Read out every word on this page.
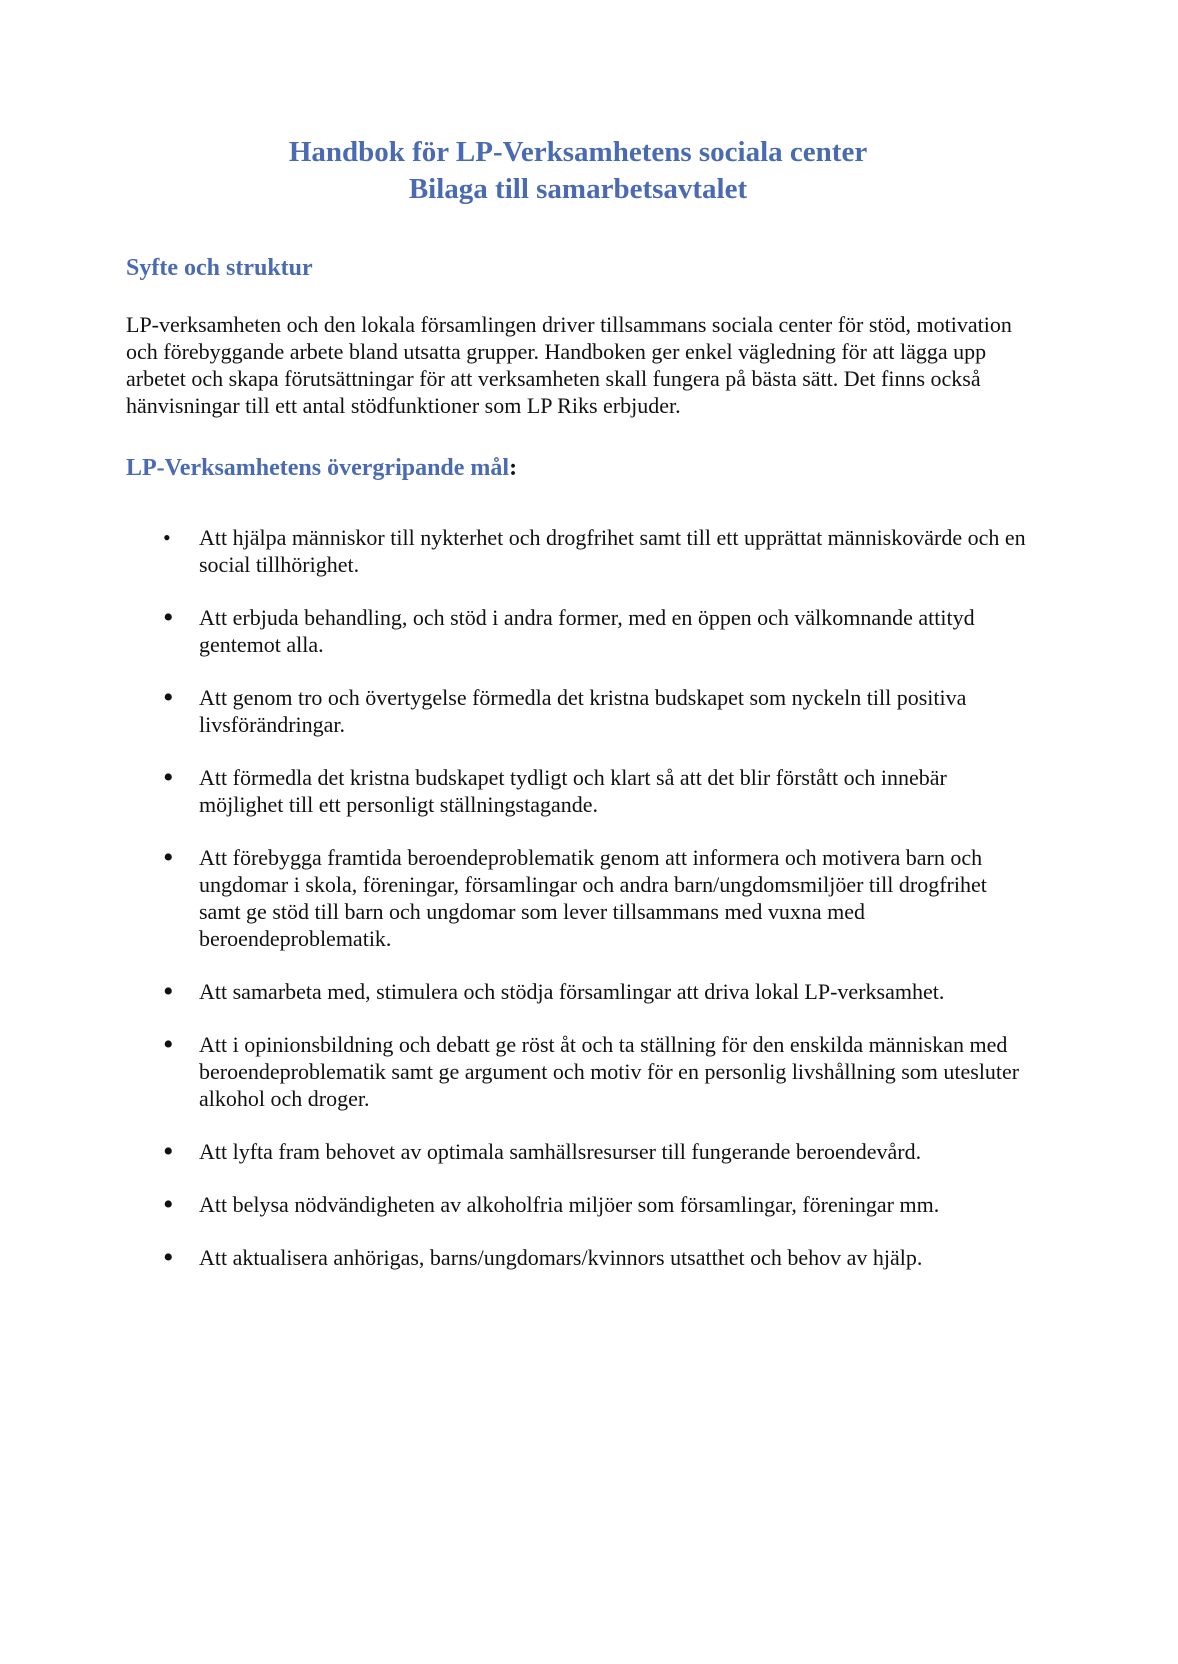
Handbok för LP-Verksamhetens sociala center
Bilaga till samarbetsavtalet
Syfte och struktur

LP-verksamheten och den lokala församlingen driver tillsammans sociala center för stöd, motivation och förebyggande arbete bland utsatta grupper. Handboken ger enkel vägledning för att lägga upp arbetet och skapa förutsättningar för att verksamheten skall fungera på bästa sätt. Det finns också hänvisningar till ett antal stödfunktioner som LP Riks erbjuder.

LP-Verksamhetens övergripande mål:
•	Att hjälpa människor till nykterhet och drogfrihet samt till ett upprättat människovärde och en social tillhörighet.
•	Att erbjuda behandling, och stöd i andra former, med en öppen och välkomnande attityd gentemot alla.
•	Att genom tro och övertygelse förmedla det kristna budskapet som nyckeln till positiva livsförändringar.
•	Att förmedla det kristna budskapet tydligt och klart så att det blir förstått och innebär möjlighet till ett personligt ställningstagande.
•	Att förebygga framtida beroendeproblematik genom att informera och motivera barn och ungdomar i skola, föreningar, församlingar och andra barn/ungdomsmiljöer till drogfrihet samt ge stöd till barn och ungdomar som lever tillsammans med vuxna med beroendeproblematik.
•	Att samarbeta med, stimulera och stödja församlingar att driva lokal LP-verksamhet.
•	Att i opinionsbildning och debatt ge röst åt och ta ställning för den enskilda människan med beroendeproblematik samt ge argument och motiv för en personlig livshållning som utesluter alkohol och droger.
•	Att lyfta fram behovet av optimala samhällsresurser till fungerande beroendevård.
•	Att belysa nödvändigheten av alkoholfria miljöer som församlingar, föreningar mm.
•	Att aktualisera anhörigas, barns/ungdomars/kvinnors utsatthet och behov av hjälp.
